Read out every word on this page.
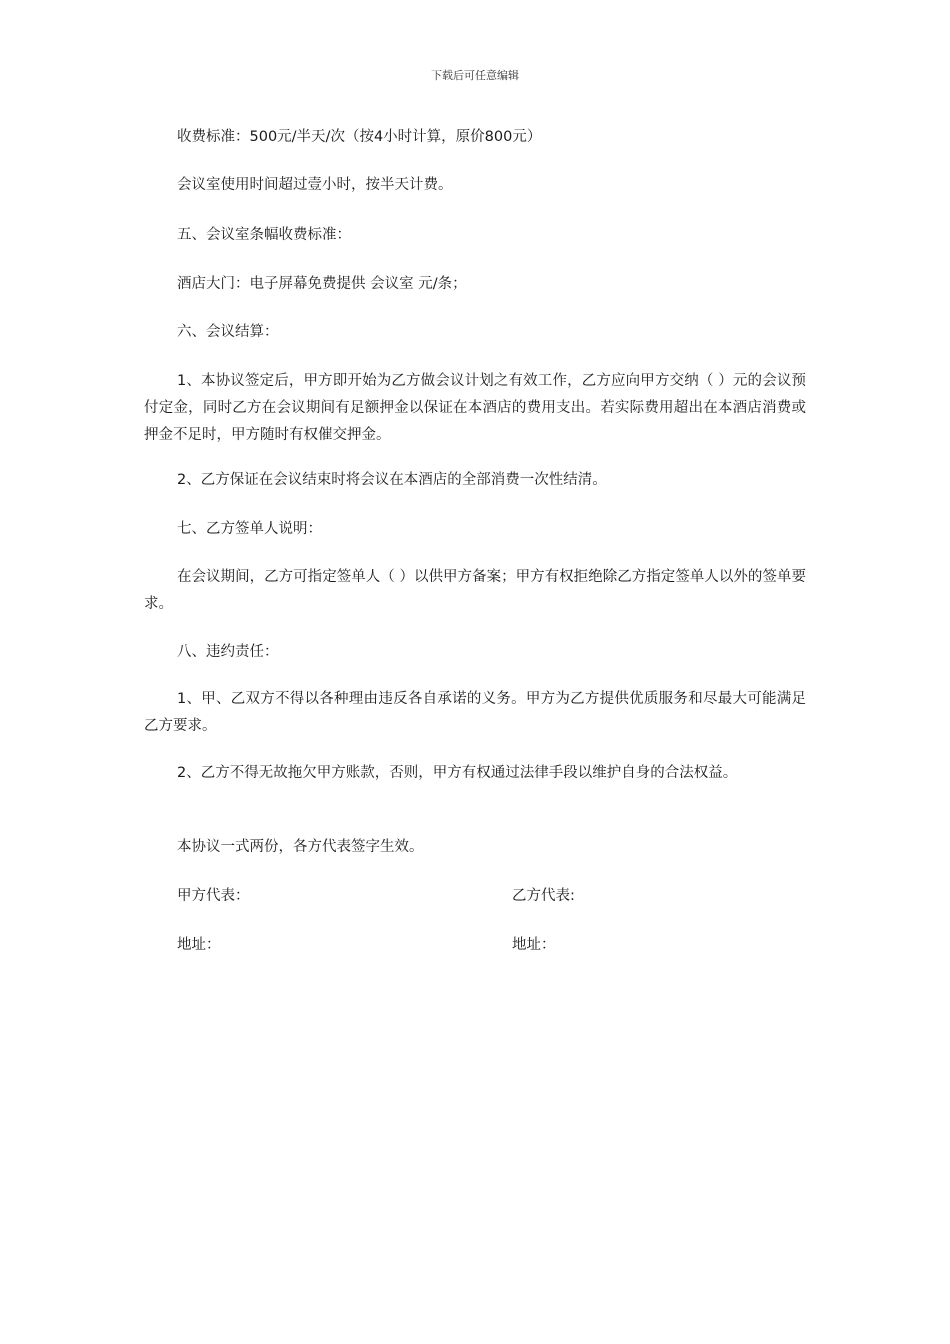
下载后可任意编辑
收费标准：500元/半天/次（按4小时计算，原价800元）
会议室使用时间超过壹小时，按半天计费。
五、会议室条幅收费标准：
酒店大门：电子屏幕免费提供 会议室 元/条；
六、会议结算：
1、本协议签定后，甲方即开始为乙方做会议计划之有效工作，乙方应向甲方交纳（ ）元的会议预付定金，同时乙方在会议期间有足额押金以保证在本酒店的费用支出。若实际费用超出在本酒店消费或押金不足时，甲方随时有权催交押金。
2、乙方保证在会议结束时将会议在本酒店的全部消费一次性结清。
七、乙方签单人说明：
在会议期间，乙方可指定签单人（ ）以供甲方备案；甲方有权拒绝除乙方指定签单人以外的签单要求。
八、违约责任：
1、甲、乙双方不得以各种理由违反各自承诺的义务。甲方为乙方提供优质服务和尽最大可能满足乙方要求。
2、乙方不得无故拖欠甲方账款，否则，甲方有权通过法律手段以维护自身的合法权益。
本协议一式两份，各方代表签字生效。
甲方代表：	乙方代表:
地址：	地址：
